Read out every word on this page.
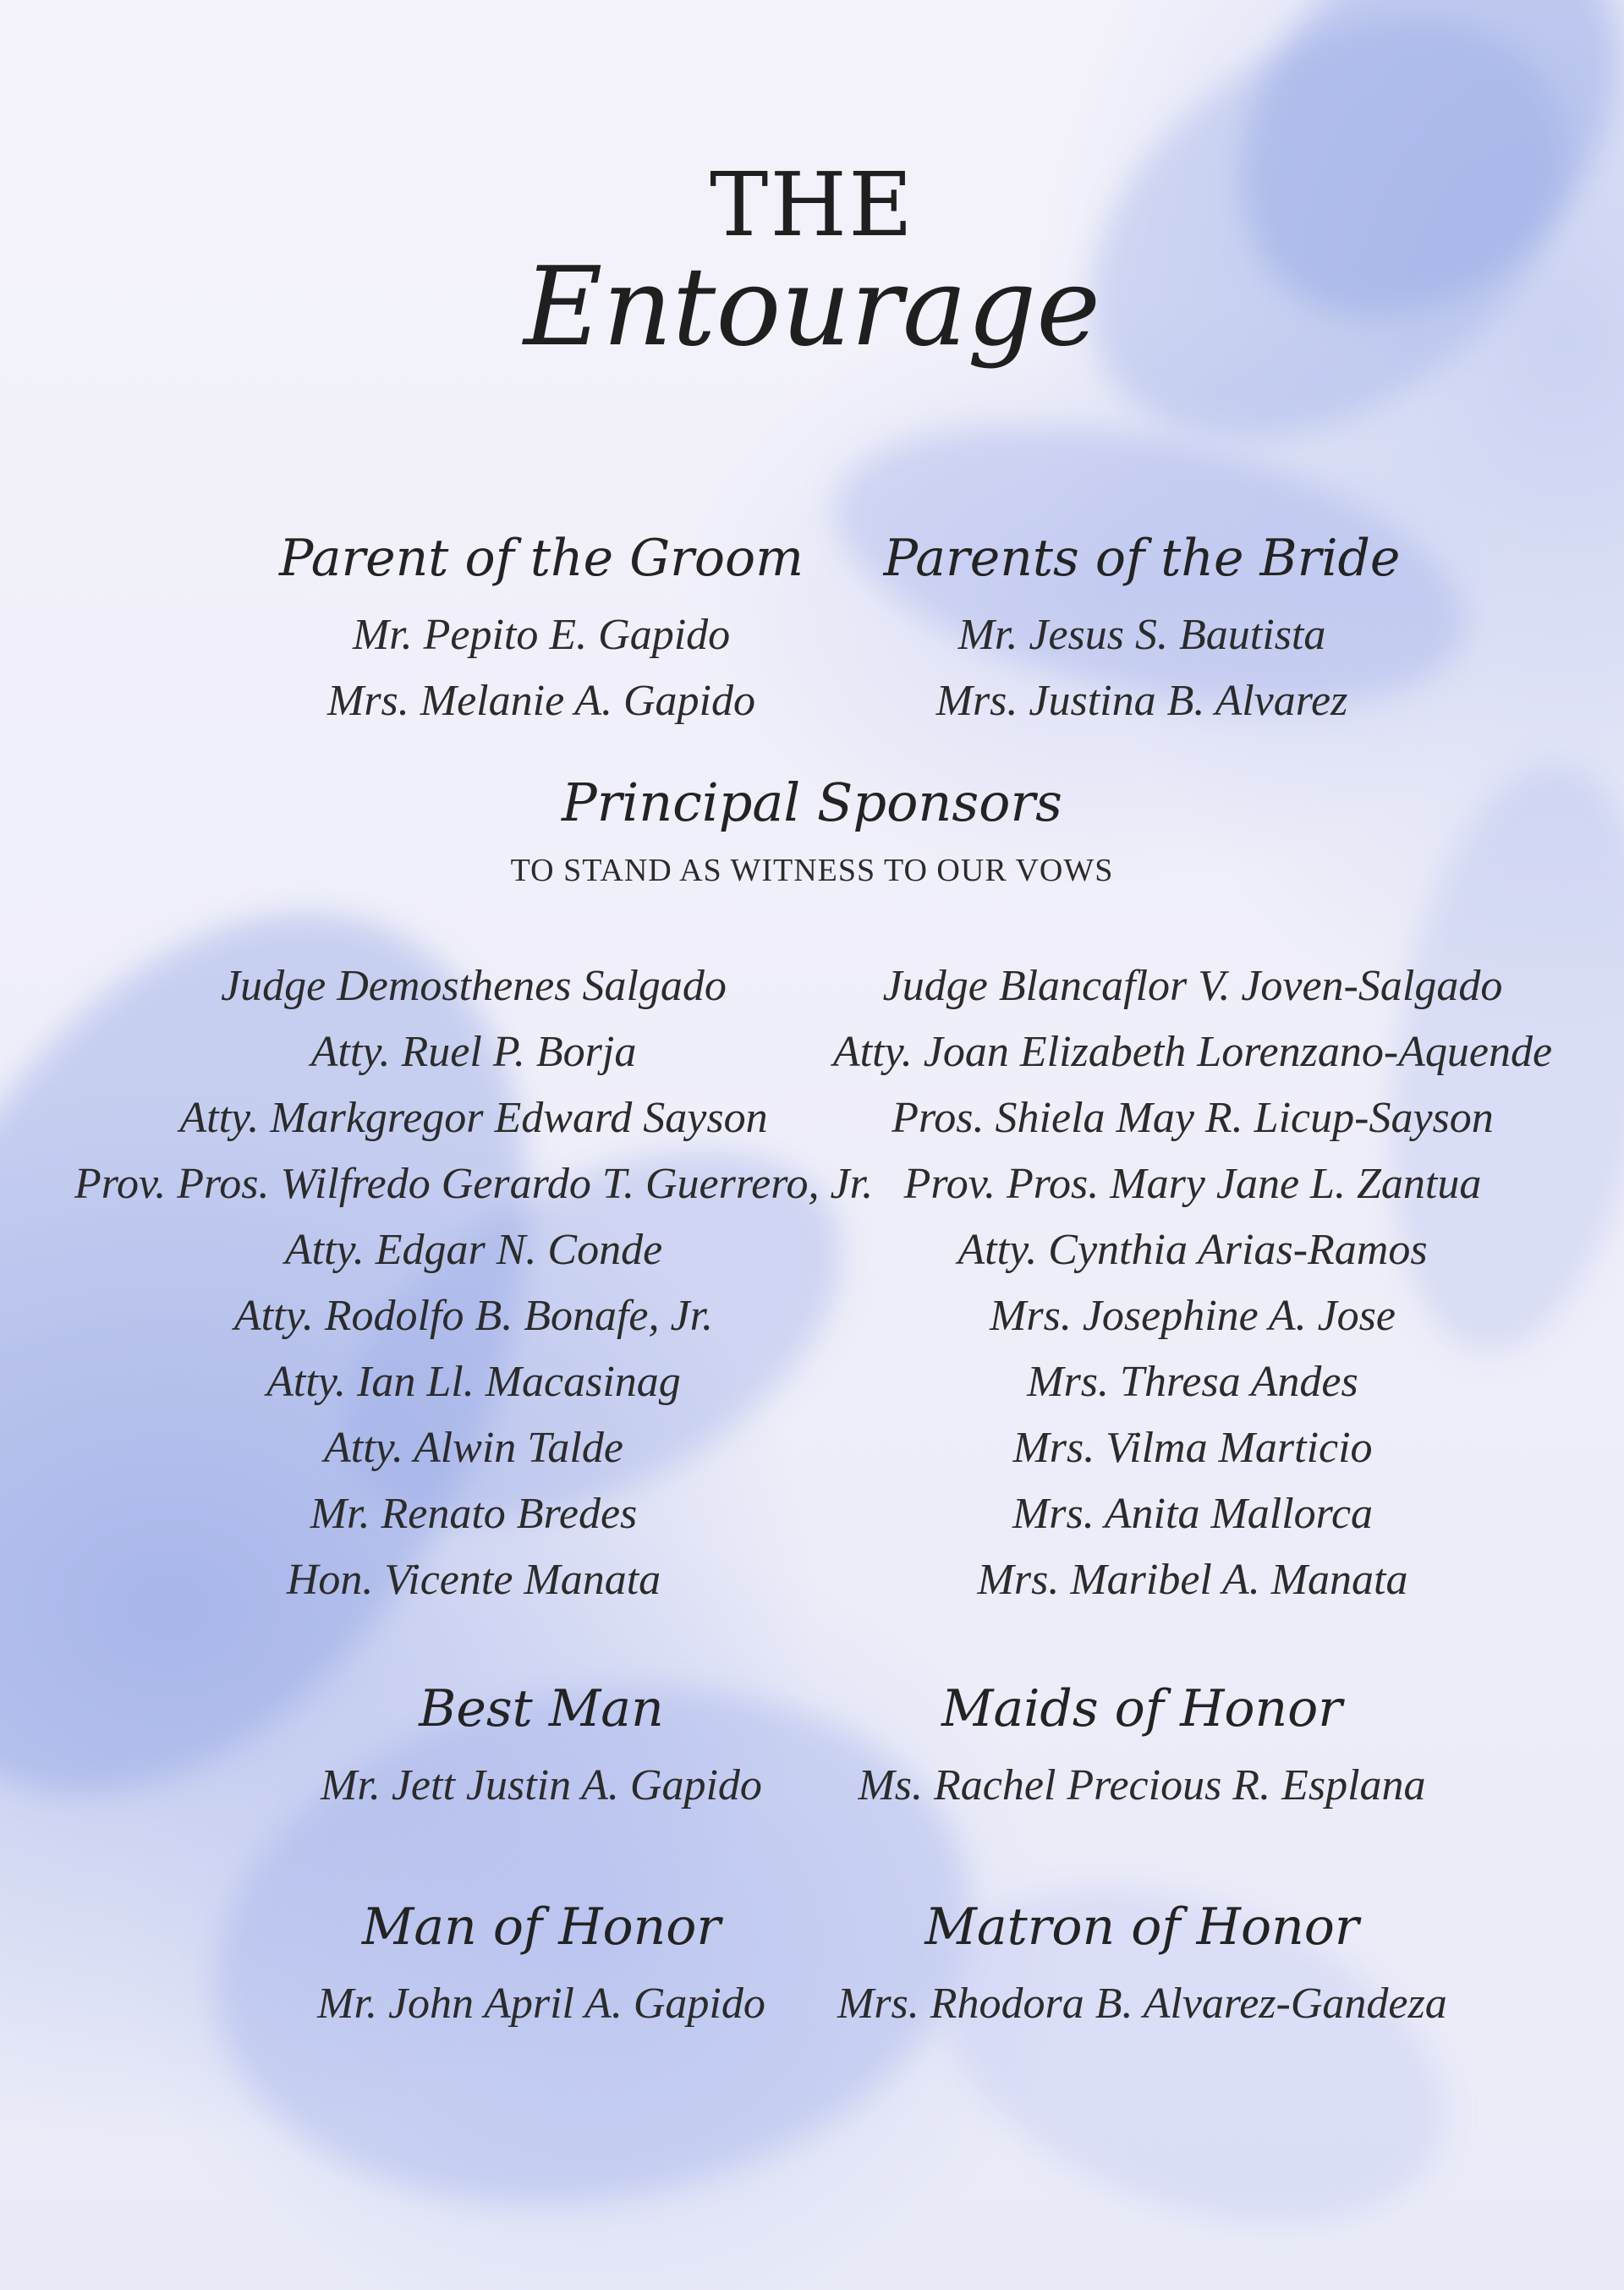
THE
Entourage
Parent of the Groom
Mr. Pepito E. Gapido
Mrs. Melanie A. Gapido
Parents of the Bride
Mr. Jesus S. Bautista
Mrs. Justina B. Alvarez
Principal Sponsors
TO STAND AS WITNESS TO OUR VOWS
Judge Demosthenes Salgado
Atty. Ruel P. Borja
Atty. Markgregor Edward Sayson
Prov. Pros. Wilfredo Gerardo T. Guerrero, Jr.
Atty. Edgar N. Conde
Atty. Rodolfo B. Bonafe, Jr.
Atty. Ian Ll. Macasinag
Atty. Alwin Talde
Mr. Renato Bredes
Hon. Vicente Manata
Judge Blancaflor V. Joven-Salgado
Atty. Joan Elizabeth Lorenzano-Aquende
Pros. Shiela May R. Licup-Sayson
Prov. Pros. Mary Jane L. Zantua
Atty. Cynthia Arias-Ramos
Mrs. Josephine A. Jose
Mrs. Thresa Andes
Mrs. Vilma Marticio
Mrs. Anita Mallorca
Mrs. Maribel A. Manata
Best Man
Mr. Jett Justin A. Gapido
Maids of Honor
Ms. Rachel Precious R. Esplana
Man of Honor
Mr. John April A. Gapido
Matron of Honor
Mrs. Rhodora B. Alvarez-Gandeza
